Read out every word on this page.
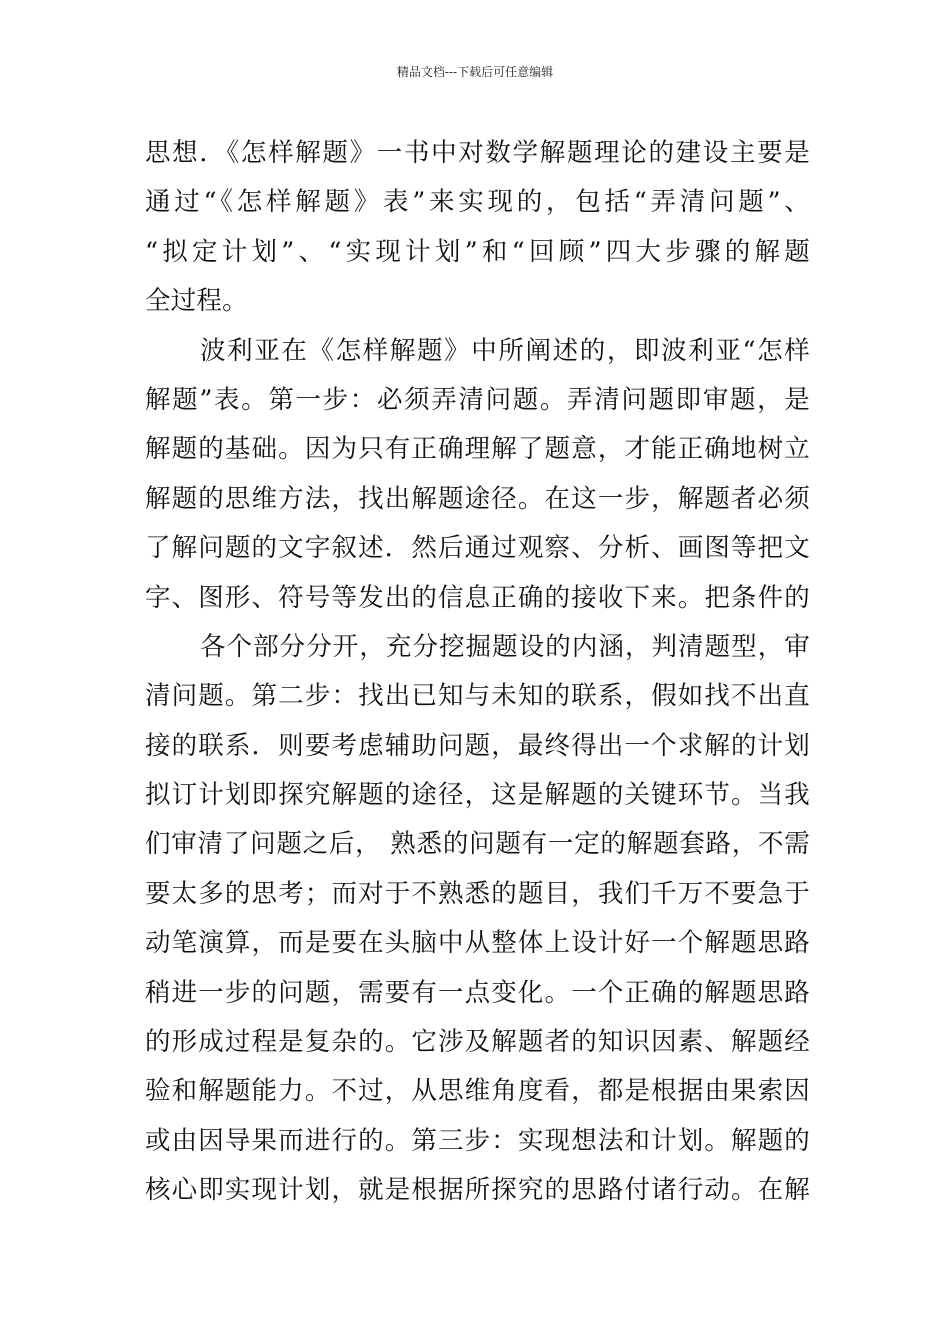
精品文档---下载后可任意编辑
思想．《怎样解题》一书中对数学解题理论的建设主要是
通过“《怎样解题》表”来实现的，包括“弄清问题”、
“拟定计划”、“实现计划”和“回顾”四大步骤的解题
全过程。
波利亚在《怎样解题》中所阐述的，即波利亚“怎样
解题”表。第一步：必须弄清问题。弄清问题即审题，是
解题的基础。因为只有正确理解了题意，才能正确地树立
解题的思维方法，找出解题途径。在这一步，解题者必须
了解问题的文字叙述．然后通过观察、分析、画图等把文
字、图形、符号等发出的信息正确的接收下来。把条件的
各个部分分开，充分挖掘题设的内涵，判清题型，审
清问题。第二步：找出已知与未知的联系，假如找不出直
接的联系．则要考虑辅助问题，最终得出一个求解的计划
拟订计划即探究解题的途径，这是解题的关键环节。当我
们审清了问题之后， 熟悉的问题有一定的解题套路，不需
要太多的思考；而对于不熟悉的题目，我们千万不要急于
动笔演算，而是要在头脑中从整体上设计好一个解题思路
稍进一步的问题，需要有一点变化。一个正确的解题思路
的形成过程是复杂的。它涉及解题者的知识因素、解题经
验和解题能力。不过，从思维角度看，都是根据由果索因
或由因导果而进行的。第三步：实现想法和计划。解题的
核心即实现计划，就是根据所探究的思路付诸行动。在解
